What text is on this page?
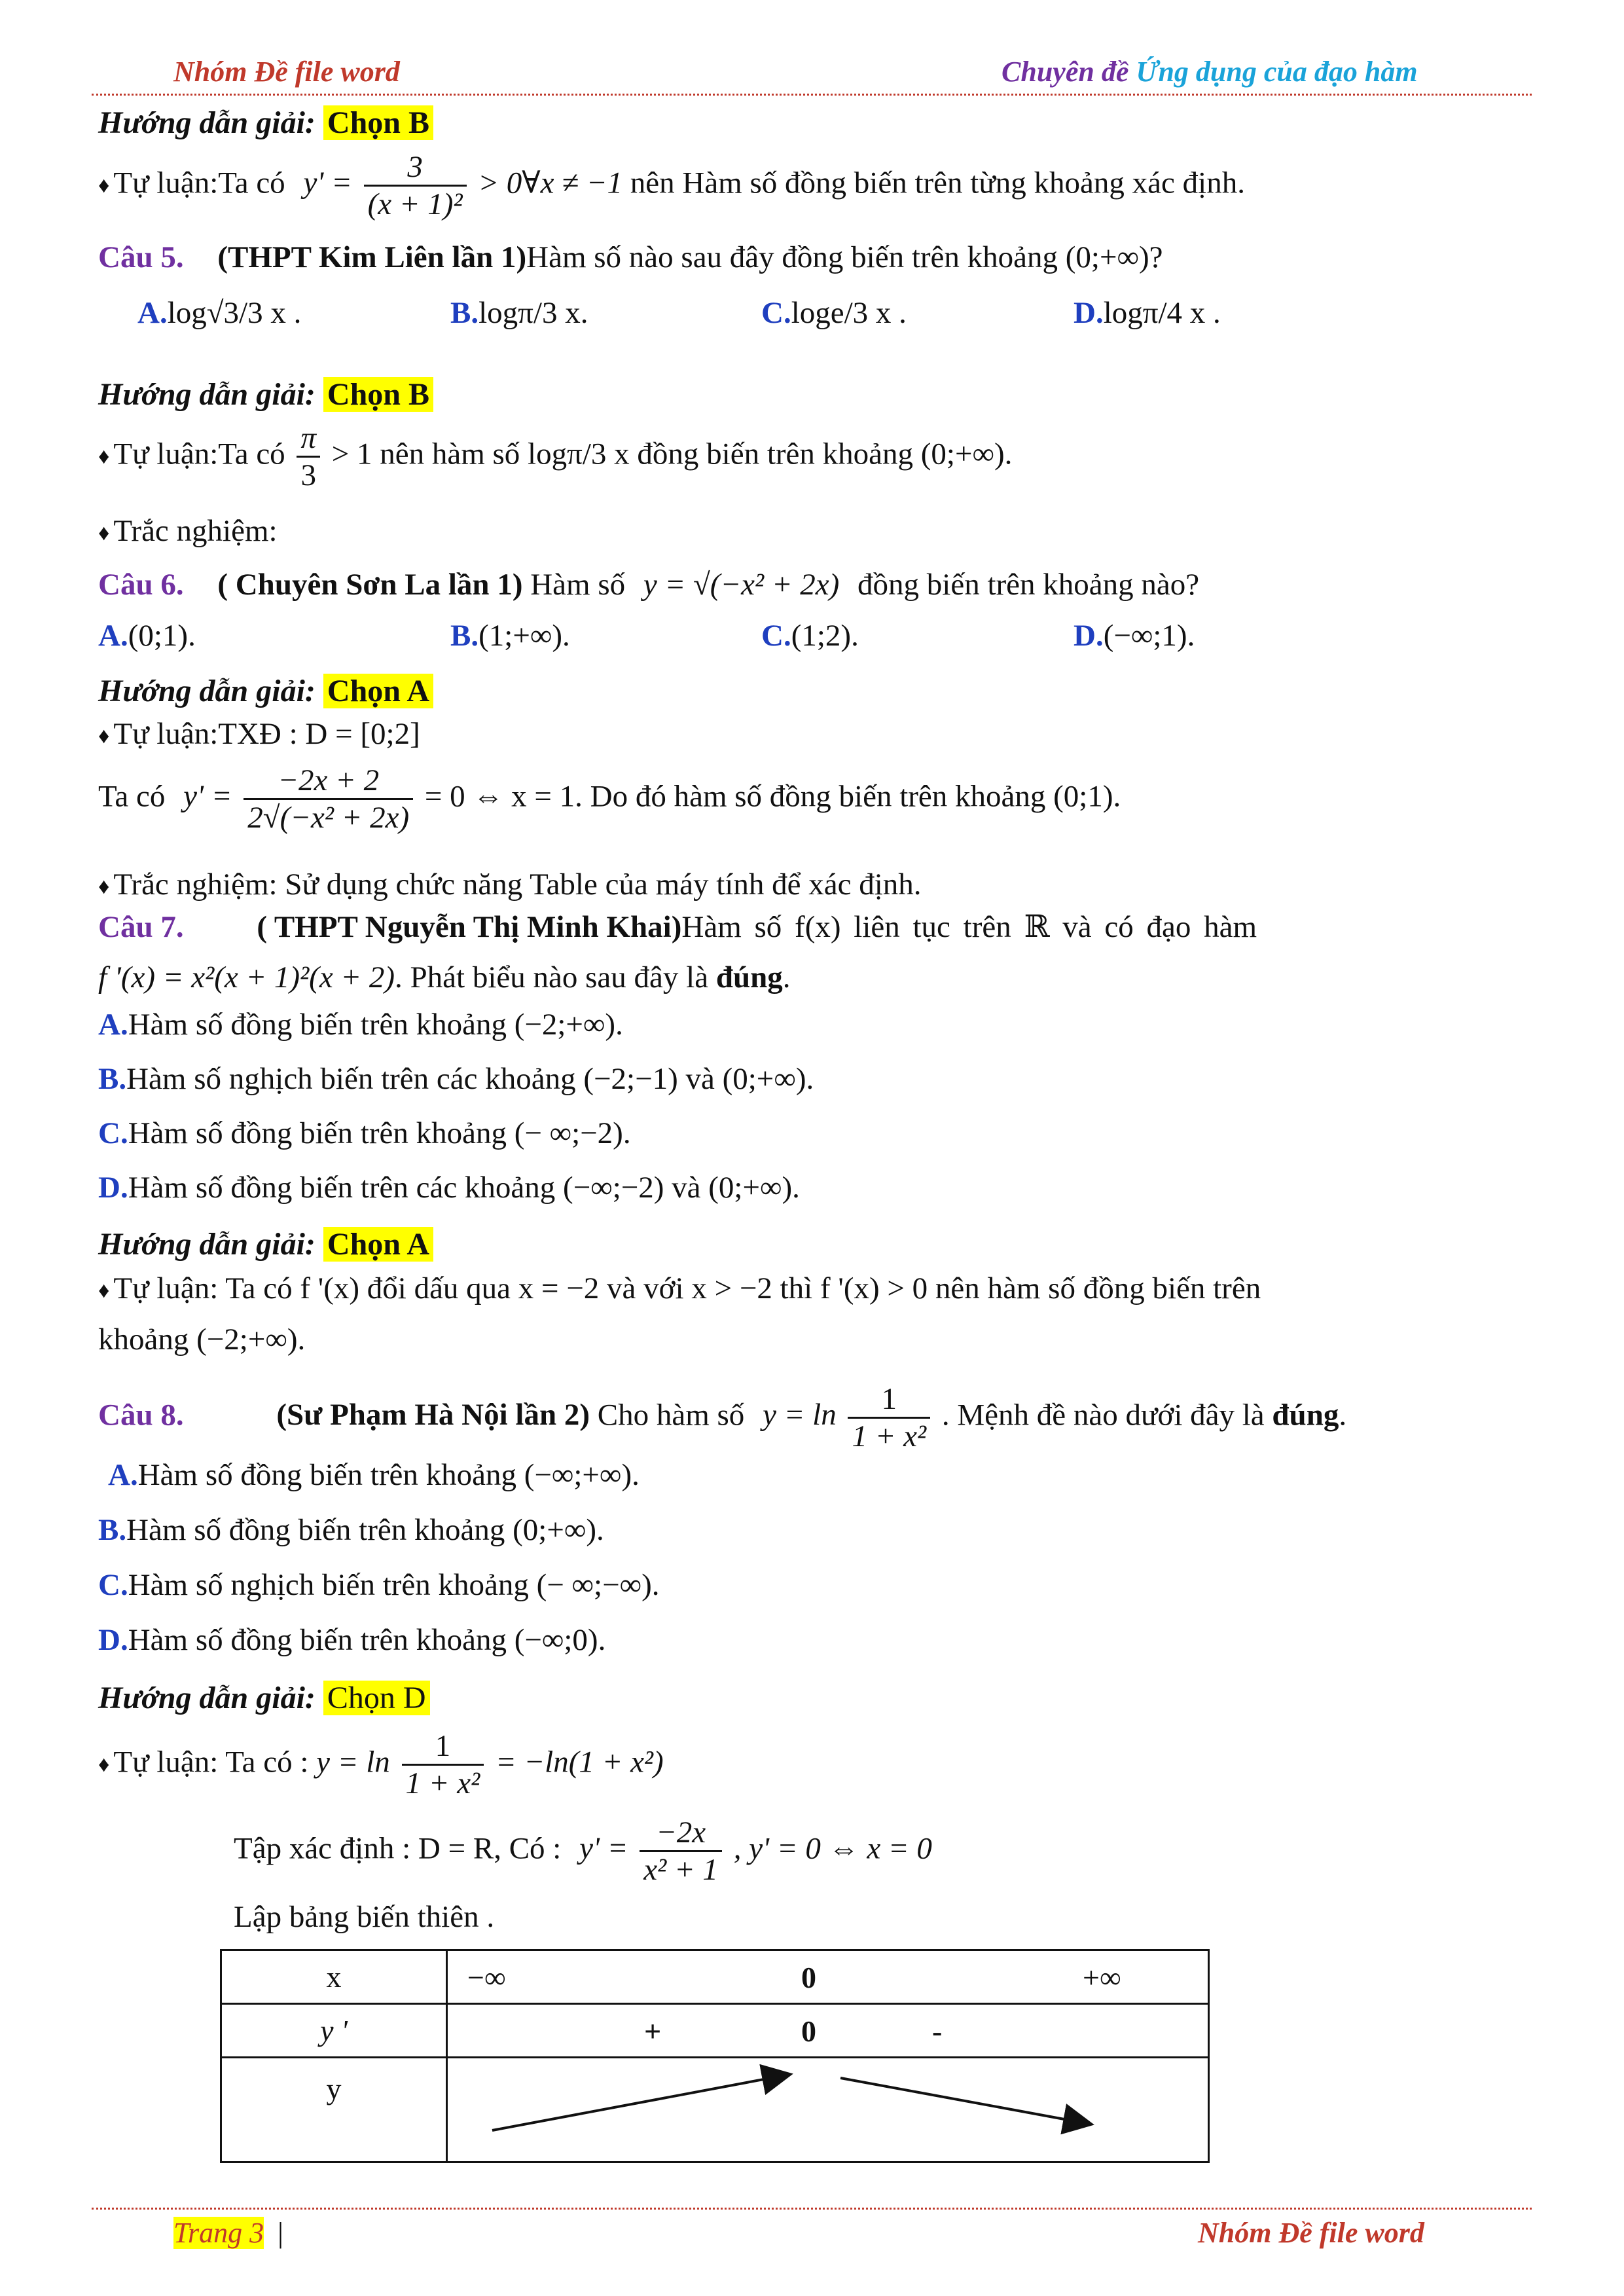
Nhóm Đề file word	Chuyên đề Ứng dụng của đạo hàm
Hướng dẫn giải: Chọn B
♦ Tự luận:Ta có $y' = \frac{3}{\text{(x + 1)²}}$ > 0∀x ≠ −1 nên Hàm số đồng biến trên từng khoảng xác định.
Câu 5. (THPT Kim Liên lần 1)Hàm số nào sau đây đồng biến trên khoảng (0;+∞)?
A.log√3/3 x .	B.logπ/3 x.	C.loge/3 x .	D.logπ/4 x .
Hướng dẫn giải: Chọn B
♦ Tự luận:Ta có $\frac{\pi}{3} > 1$ nên hàm số logπ/3 x đồng biến trên khoảng (0;+∞).
♦ Trắc nghiệm:
Câu 6. ( Chuyên Sơn La lần 1) Hàm số y = √(−x² + 2x) đồng biến trên khoảng nào?
A.(0;1).	B.(1;+∞).	C.(1;2).	D.(−∞;1).
Hướng dẫn giải: Chọn A
♦ Tự luận:TXĐ : D = [0;2]
Ta có $y' = \frac{-2x + 2}{\text{2√(−x² + 2x)}} = 0$ ⇔ x = 1. Do đó hàm số đồng biến trên khoảng (0;1).
♦ Trắc nghiệm: Sử dụng chức năng Table của máy tính để xác định.
Câu 7. ( THPT Nguyễn Thị Minh Khai)Hàm số f(x) liên tục trên ℝ và có đạo hàm
f '(x) = x²(x + 1)²(x + 2). Phát biểu nào sau đây là đúng.
A.Hàm số đồng biến trên khoảng (−2;+∞).
B.Hàm số nghịch biến trên các khoảng (−2;−1) và (0;+∞).
C.Hàm số đồng biến trên khoảng (− ∞;−2).
D.Hàm số đồng biến trên các khoảng (−∞;−2) và (0;+∞).
Hướng dẫn giải: Chọn A
♦ Tự luận: Ta có f '(x) đổi dấu qua x = −2 và với x > −2 thì f '(x) > 0 nên hàm số đồng biến trên
khoảng (−2;+∞).
Câu 8.	(Sư Phạm Hà Nội lần 2) Cho hàm số $y = \ln \frac{1}{\text{1 + x²}}$ . Mệnh đề nào dưới đây là đúng.
A.Hàm số đồng biến trên khoảng (−∞;+∞).
B.Hàm số đồng biến trên khoảng (0;+∞).
C.Hàm số nghịch biến trên khoảng (− ∞;−∞).
D.Hàm số đồng biến trên khoảng (−∞;0).
Hướng dẫn giải: Chọn D
♦ Tự luận: Ta có : $y = \ln \frac{1}{\text{1 + x²}} = -\ln(1 + x^2)$
Tập xác định : D = R, Có : $y' = \frac{-2x}{\text{x² + 1}}$ , y' = 0 ⇔ x = 0
Lập bảng biến thiên .
x	−∞ 0 +∞

y '	+ 0 -

y	
Trang 3 |	Nhóm Đề file word
